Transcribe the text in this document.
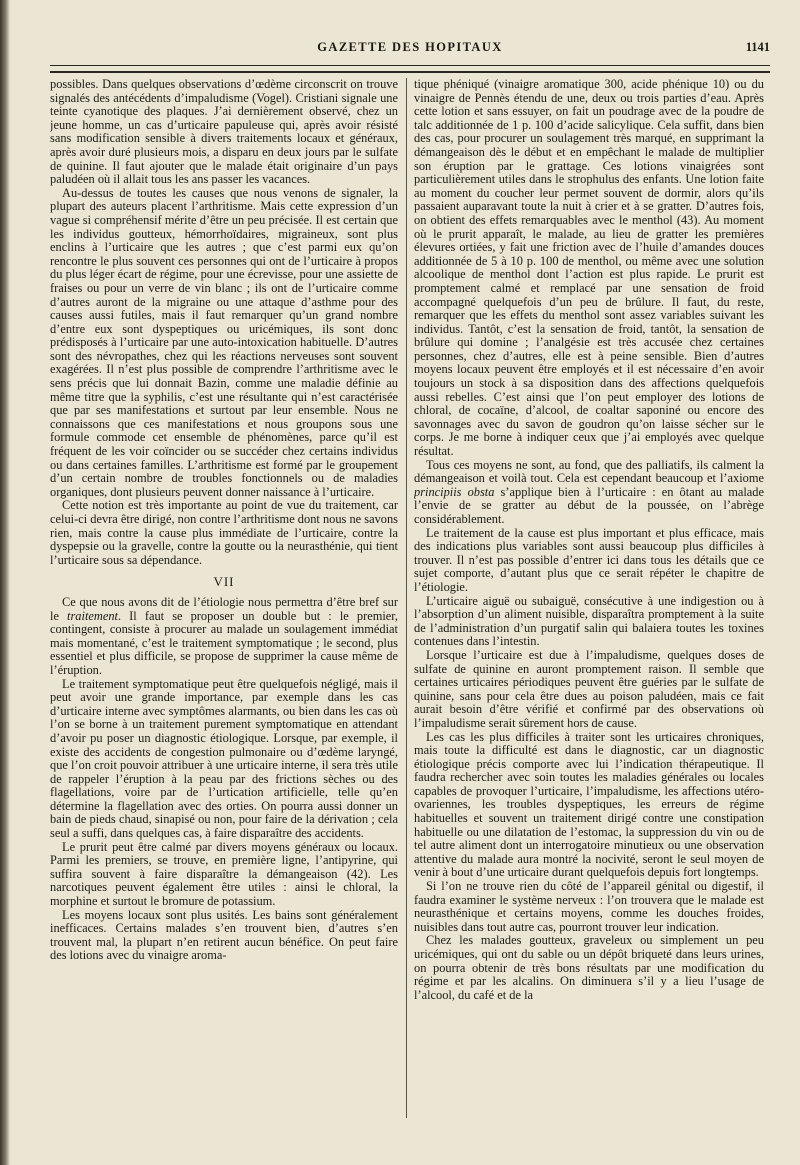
GAZETTE DES HOPITAUX	1141

possibles. Dans quelques observations d’œdème circonscrit on trouve signalés des antécédents d’impaludisme (Vogel). Cristiani signale une teinte cyanotique des plaques. J’ai dernièrement observé, chez un jeune homme, un cas d’urticaire papuleuse qui, après avoir résisté sans modification sensible à divers traitements locaux et généraux, après avoir duré plusieurs mois, a disparu en deux jours par le sulfate de quinine. Il faut ajouter que le malade était originaire d’un pays paludéen où il allait tous les ans passer les vacances.

Au-dessus de toutes les causes que nous venons de signaler, la plupart des auteurs placent l’arthritisme. Mais cette expression d’un vague si compréhensif mérite d’être un peu précisée. Il est certain que les individus goutteux, hémorrhoïdaires, migraineux, sont plus enclins à l’urticaire que les autres ; que c’est parmi eux qu’on rencontre le plus souvent ces personnes qui ont de l’urticaire à propos du plus léger écart de régime, pour une écrevisse, pour une assiette de fraises ou pour un verre de vin blanc ; ils ont de l’urticaire comme d’autres auront de la migraine ou une attaque d’asthme pour des causes aussi futiles, mais il faut remarquer qu’un grand nombre d’entre eux sont dyspeptiques ou uricémiques, ils sont donc prédisposés à l’urticaire par une auto-intoxication habituelle. D’autres sont des névropathes, chez qui les réactions nerveuses sont souvent exagérées. Il n’est plus possible de comprendre l’arthritisme avec le sens précis que lui donnait Bazin, comme une maladie définie au même titre que la syphilis, c’est une résultante qui n’est caractérisée que par ses manifestations et surtout par leur ensemble. Nous ne connaissons que ces manifestations et nous groupons sous une formule commode cet ensemble de phénomènes, parce qu’il est fréquent de les voir coïncider ou se succéder chez certains individus ou dans certaines familles. L’arthritisme est formé par le groupement d’un certain nombre de troubles fonctionnels ou de maladies organiques, dont plusieurs peuvent donner naissance à l’urticaire.

Cette notion est très importante au point de vue du traitement, car celui-ci devra être dirigé, non contre l’arthritisme dont nous ne savons rien, mais contre la cause plus immédiate de l’urticaire, contre la dyspepsie ou la gravelle, contre la goutte ou la neurasthénie, qui tient l’urticaire sous sa dépendance.

VII

Ce que nous avons dit de l’étiologie nous permettra d’être bref sur le traitement. Il faut se proposer un double but : le premier, contingent, consiste à procurer au malade un soulagement immédiat mais momentané, c’est le traitement symptomatique ; le second, plus essentiel et plus difficile, se propose de supprimer la cause même de l’éruption.

Le traitement symptomatique peut être quelquefois négligé, mais il peut avoir une grande importance, par exemple dans les cas d’urticaire interne avec symptômes alarmants, ou bien dans les cas où l’on se borne à un traitement purement symptomatique en attendant d’avoir pu poser un diagnostic étiologique. Lorsque, par exemple, il existe des accidents de congestion pulmonaire ou d’œdème laryngé, que l’on croit pouvoir attribuer à une urticaire interne, il sera très utile de rappeler l’éruption à la peau par des frictions sèches ou des flagellations, voire par de l’urtication artificielle, telle qu’en détermine la flagellation avec des orties. On pourra aussi donner un bain de pieds chaud, sinapisé ou non, pour faire de la dérivation ; cela seul a suffi, dans quelques cas, à faire disparaître des accidents.

Le prurit peut être calmé par divers moyens généraux ou locaux. Parmi les premiers, se trouve, en première ligne, l’antipyrine, qui suffira souvent à faire disparaître la démangeaison (42). Les narcotiques peuvent également être utiles : ainsi le chloral, la morphine et surtout le bromure de potassium.

Les moyens locaux sont plus usités. Les bains sont généralement inefficaces. Certains malades s’en trouvent bien, d’autres s’en trouvent mal, la plupart n’en retirent aucun bénéfice. On peut faire des lotions avec du vinaigre aroma-

tique phéniqué (vinaigre aromatique 300, acide phénique 10) ou du vinaigre de Pennès étendu de une, deux ou trois parties d’eau. Après cette lotion et sans essuyer, on fait un poudrage avec de la poudre de talc additionnée de 1 p. 100 d’acide salicylique. Cela suffit, dans bien des cas, pour procurer un soulagement très marqué, en supprimant la démangeaison dès le début et en empêchant le malade de multiplier son éruption par le grattage. Ces lotions vinaigrées sont particulièrement utiles dans le strophulus des enfants. Une lotion faite au moment du coucher leur permet souvent de dormir, alors qu’ils passaient auparavant toute la nuit à crier et à se gratter. D’autres fois, on obtient des effets remarquables avec le menthol (43). Au moment où le prurit apparaît, le malade, au lieu de gratter les premières élevures ortiées, y fait une friction avec de l’huile d’amandes douces additionnée de 5 à 10 p. 100 de menthol, ou même avec une solution alcoolique de menthol dont l’action est plus rapide. Le prurit est promptement calmé et remplacé par une sensation de froid accompagné quelquefois d’un peu de brûlure. Il faut, du reste, remarquer que les effets du menthol sont assez variables suivant les individus. Tantôt, c’est la sensation de froid, tantôt, la sensation de brûlure qui domine ; l’analgésie est très accusée chez certaines personnes, chez d’autres, elle est à peine sensible. Bien d’autres moyens locaux peuvent être employés et il est nécessaire d’en avoir toujours un stock à sa disposition dans des affections quelquefois aussi rebelles. C’est ainsi que l’on peut employer des lotions de chloral, de cocaïne, d’alcool, de coaltar saponiné ou encore des savonnages avec du savon de goudron qu’on laisse sécher sur le corps. Je me borne à indiquer ceux que j’ai employés avec quelque résultat.

Tous ces moyens ne sont, au fond, que des palliatifs, ils calment la démangeaison et voilà tout. Cela est cependant beaucoup et l’axiome principiis obsta s’applique bien à l’urticaire : en ôtant au malade l’envie de se gratter au début de la poussée, on l’abrège considérablement.

Le traitement de la cause est plus important et plus efficace, mais des indications plus variables sont aussi beaucoup plus difficiles à trouver. Il n’est pas possible d’entrer ici dans tous les détails que ce sujet comporte, d’autant plus que ce serait répéter le chapitre de l’étiologie.

L’urticaire aiguë ou subaiguë, consécutive à une indigestion ou à l’absorption d’un aliment nuisible, disparaîtra promptement à la suite de l’administration d’un purgatif salin qui balaiera toutes les toxines contenues dans l’intestin.

Lorsque l’urticaire est due à l’impaludisme, quelques doses de sulfate de quinine en auront promptement raison. Il semble que certaines urticaires périodiques peuvent être guéries par le sulfate de quinine, sans pour cela être dues au poison paludéen, mais ce fait aurait besoin d’être vérifié et confirmé par des observations où l’impaludisme serait sûrement hors de cause.

Les cas les plus difficiles à traiter sont les urticaires chroniques, mais toute la difficulté est dans le diagnostic, car un diagnostic étiologique précis comporte avec lui l’indication thérapeutique. Il faudra rechercher avec soin toutes les maladies générales ou locales capables de provoquer l’urticaire, l’impaludisme, les affections utéro-ovariennes, les troubles dyspeptiques, les erreurs de régime habituelles et souvent un traitement dirigé contre une constipation habituelle ou une dilatation de l’estomac, la suppression du vin ou de tel autre aliment dont un interrogatoire minutieux ou une observation attentive du malade aura montré la nocivité, seront le seul moyen de venir à bout d’une urticaire durant quelquefois depuis fort longtemps.

Si l’on ne trouve rien du côté de l’appareil génital ou digestif, il faudra examiner le système nerveux : l’on trouvera que le malade est neurasthénique et certains moyens, comme les douches froides, nuisibles dans tout autre cas, pourront trouver leur indication.

Chez les malades goutteux, graveleux ou simplement un peu uricémiques, qui ont du sable ou un dépôt briqueté dans leurs urines, on pourra obtenir de très bons résultats par une modification du régime et par les alcalins. On diminuera s’il y a lieu l’usage de l’alcool, du café et de la
